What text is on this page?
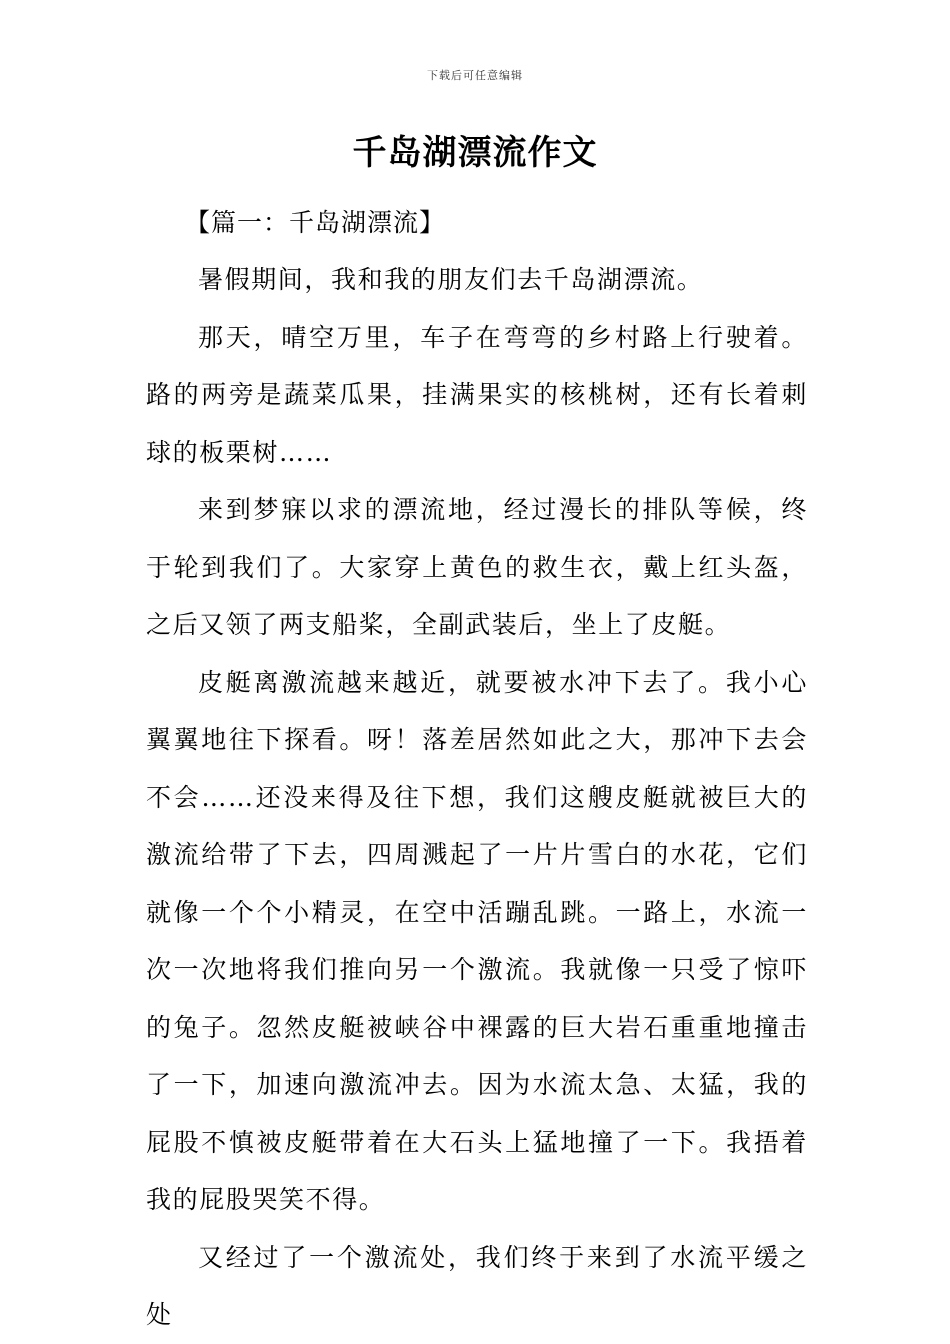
下载后可任意编辑
千岛湖漂流作文
【篇一：千岛湖漂流】

暑假期间，我和我的朋友们去千岛湖漂流。

那天，晴空万里，车子在弯弯的乡村路上行驶着。路的两旁是蔬菜瓜果，挂满果实的核桃树，还有长着刺球的板栗树……

来到梦寐以求的漂流地，经过漫长的排队等候，终于轮到我们了。大家穿上黄色的救生衣，戴上红头盔，之后又领了两支船桨，全副武装后，坐上了皮艇。

皮艇离激流越来越近，就要被水冲下去了。我小心翼翼地往下探看。呀！落差居然如此之大，那冲下去会不会……还没来得及往下想，我们这艘皮艇就被巨大的激流给带了下去，四周溅起了一片片雪白的水花，它们就像一个个小精灵，在空中活蹦乱跳。一路上，水流一次一次地将我们推向另一个激流。我就像一只受了惊吓的兔子。忽然皮艇被峡谷中裸露的巨大岩石重重地撞击了一下，加速向激流冲去。因为水流太急、太猛，我的屁股不慎被皮艇带着在大石头上猛地撞了一下。我捂着我的屁股哭笑不得。

又经过了一个激流处，我们终于来到了水流平缓之处
